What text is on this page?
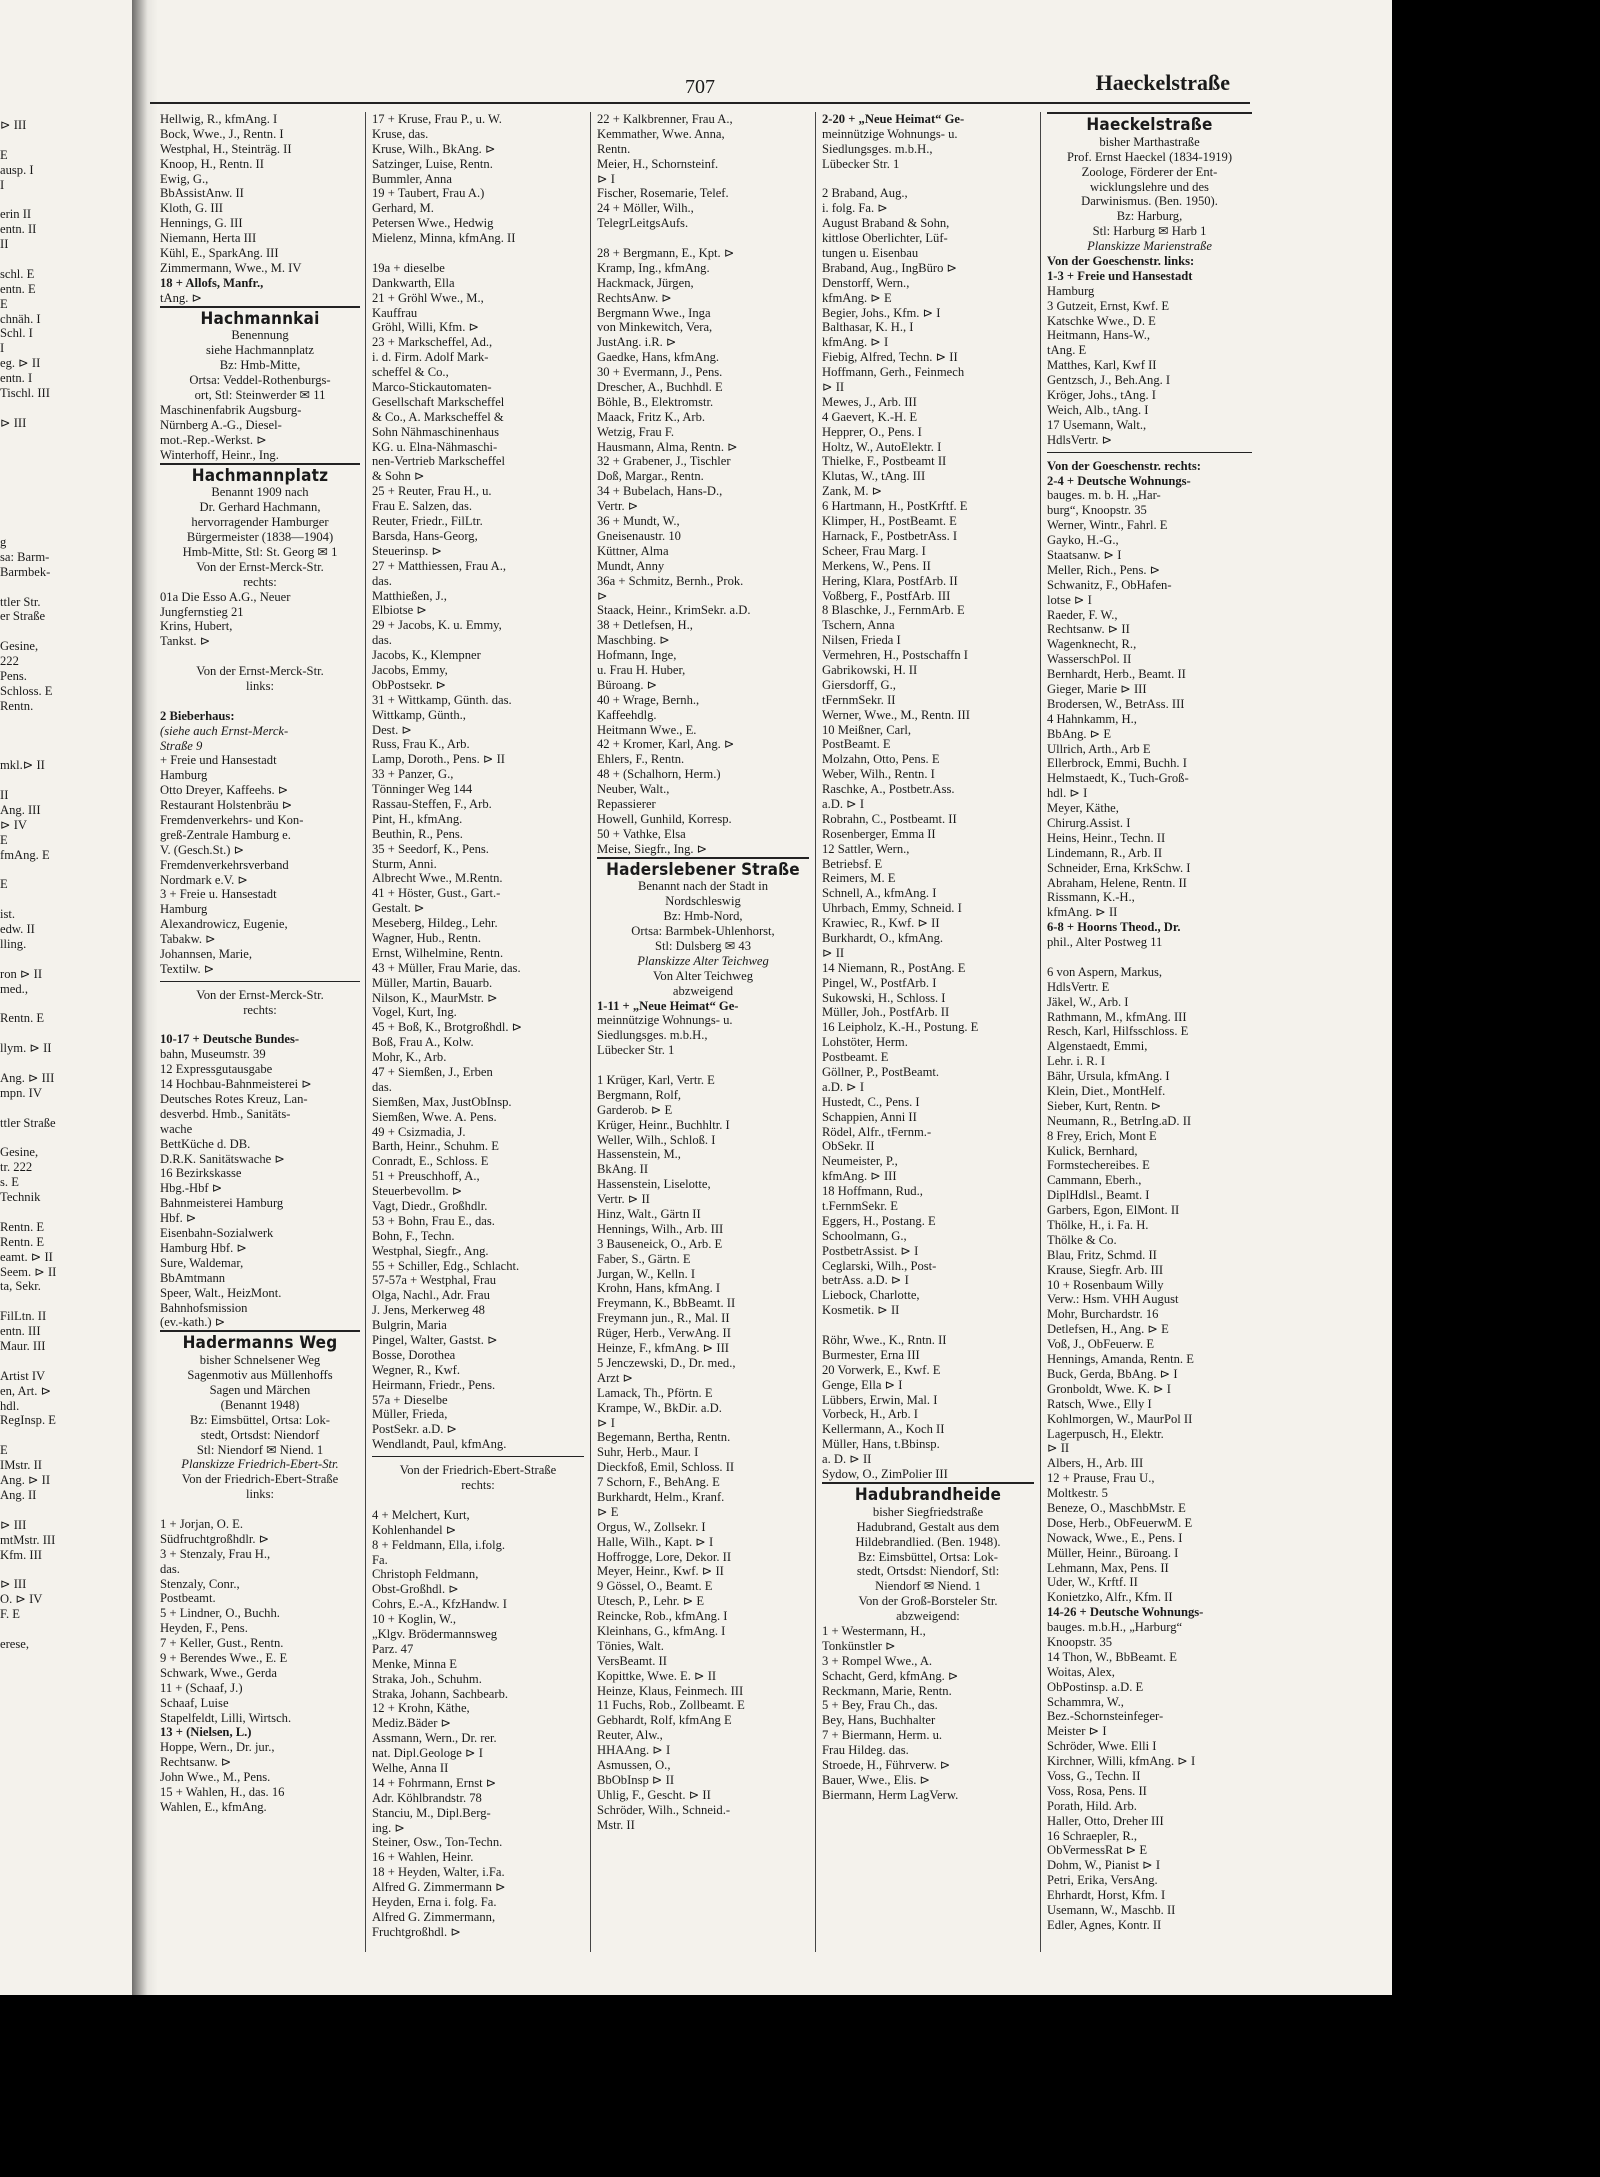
707	Haeckelstraße
⊳ III
E
ausp. I
I
erin II
entn. II
II
schl. E
entn. E
E
chnäh. I
Schl. I
I
eg. ⊳ II
entn. I
Tischl. III
⊳ III
g
sa: Barm-
Barmbek-
ttler Str.
er Straße
Gesine,
222
Pens.
Schloss. E
Rentn.
mkl.⊳ II
II
Ang. III
⊳ IV
E
fmAng. E
E
ist.
edw. II
lling.
ron ⊳ II
med.,
Rentn. E
llym. ⊳ II
Ang. ⊳ III
mpn. IV
ttler Straße
Gesine,
tr. 222
s. E
Technik
Rentn. E
Rentn. E
eamt. ⊳ II
Seem. ⊳ II
ta, Sekr.
FilLtn. II
entn. III
Maur. III
Artist IV
en, Art. ⊳
hdl.
RegInsp. E
E
IMstr. II
Ang. ⊳ II
Ang. II
⊳ III
mtMstr. III
Kfm. III
⊳ III
O. ⊳ IV
F. E
erese,
Hellwig, R., kfmAng. I
Bock, Wwe., J., Rentn. I
Westphal, H., Steinträg. II
Knoop, H., Rentn. II
Ewig, G.,
BbAssistAnw. II
Kloth, G. III
Hennings, G. III
Niemann, Herta III
Kühl, E., SparkAng. III
Zimmermann, Wwe., M. IV
18 + Allofs, Manfr.,
tAng. ⊳
Hachmannkai
Benennung
siehe Hachmannplatz
Bz: Hmb-Mitte,
Ortsa: Veddel-Rothenburgs-
ort, Stl: Steinwerder ✉ 11
Maschinenfabrik Augsburg-
Nürnberg A.-G., Diesel-
mot.-Rep.-Werkst. ⊳
Winterhoff, Heinr., Ing.
Hachmannplatz
Benannt 1909 nach
Dr. Gerhard Hachmann,
hervorragender Hamburger
Bürgermeister (1838—1904)
Hmb-Mitte, Stl: St. Georg ✉ 1
Von der Ernst-Merck-Str.
rechts:
01a Die Esso A.G., Neuer
Jungfernstieg 21
Krins, Hubert,
Tankst. ⊳
Von der Ernst-Merck-Str.
links:
2 Bieberhaus:
(siehe auch Ernst-Merck-
Straße 9
+ Freie und Hansestadt
Hamburg
Otto Dreyer, Kaffeehs. ⊳
Restaurant Holstenbräu ⊳
Fremdenverkehrs- und Kon-
greß-Zentrale Hamburg e.
V. (Gesch.St.) ⊳
Fremdenverkehrsverband
Nordmark e.V. ⊳
3 + Freie u. Hansestadt
Hamburg
Alexandrowicz, Eugenie,
Tabakw. ⊳
Johannsen, Marie,
Textilw. ⊳
Von der Ernst-Merck-Str.
rechts:
10-17 + Deutsche Bundes-
bahn, Museumstr. 39
12 Expressgutausgabe
14 Hochbau-Bahnmeisterei ⊳
Deutsches Rotes Kreuz, Lan-
desverbd. Hmb., Sanitäts-
wache
BettKüche d. DB.
D.R.K. Sanitätswache ⊳
16 Bezirkskasse
Hbg.-Hbf ⊳
Bahnmeisterei Hamburg
Hbf. ⊳
Eisenbahn-Sozialwerk
Hamburg Hbf. ⊳
Sure, Waldemar,
BbAmtmann
Speer, Walt., HeizMont.
Bahnhofsmission
(ev.-kath.) ⊳
Hadermanns Weg
bisher Schnelsener Weg
Sagenmotiv aus Müllenhoffs
Sagen und Märchen
(Benannt 1948)
Bz: Eimsbüttel, Ortsa: Lok-
stedt, Ortsdst: Niendorf
Stl: Niendorf ✉ Niend. 1
Planskizze Friedrich-Ebert-Str.
Von der Friedrich-Ebert-Straße
links:
1 + Jorjan, O. E.
Südfruchtgroßhdlr. ⊳
3 + Stenzaly, Frau H.,
das.
Stenzaly, Conr.,
Postbeamt.
5 + Lindner, O., Buchh.
Heyden, F., Pens.
7 + Keller, Gust., Rentn.
9 + Berendes Wwe., E. E
Schwark, Wwe., Gerda
11 + (Schaaf, J.)
Schaaf, Luise
Stapelfeldt, Lilli, Wirtsch.
13 + (Nielsen, L.)
Hoppe, Wern., Dr. jur.,
Rechtsanw. ⊳
John Wwe., M., Pens.
15 + Wahlen, H., das. 16
Wahlen, E., kfmAng.
17 + Kruse, Frau P., u. W.
Kruse, das.
Kruse, Wilh., BkAng. ⊳
Satzinger, Luise, Rentn.
Bummler, Anna
19 + Taubert, Frau A.)
Gerhard, M.
Petersen Wwe., Hedwig
Mielenz, Minna, kfmAng. II
19a + dieselbe
Dankwarth, Ella
21 + Gröhl Wwe., M.,
Kauffrau
Gröhl, Willi, Kfm. ⊳
23 + Markscheffel, Ad.,
i. d. Firm. Adolf Mark-
scheffel & Co.,
Marco-Stickautomaten-
Gesellschaft Markscheffel
& Co., A. Markscheffel &
Sohn Nähmaschinenhaus
KG. u. Elna-Nähmaschi-
nen-Vertrieb Markscheffel
& Sohn ⊳
25 + Reuter, Frau H., u.
Frau E. Salzen, das.
Reuter, Friedr., FilLtr.
Barsda, Hans-Georg,
Steuerinsp. ⊳
27 + Matthiessen, Frau A.,
das.
Matthießen, J.,
Elbiotse ⊳
29 + Jacobs, K. u. Emmy,
das.
Jacobs, K., Klempner
Jacobs, Emmy,
ObPostsekr. ⊳
31 + Wittkamp, Günth. das.
Wittkamp, Günth.,
Dest. ⊳
Russ, Frau K., Arb.
Lamp, Doroth., Pens. ⊳ II
33 + Panzer, G.,
Tönninger Weg 144
Rassau-Steffen, F., Arb.
Pint, H., kfmAng.
Beuthin, R., Pens.
35 + Seedorf, K., Pens.
Sturm, Anni.
Albrecht Wwe., M.Rentn.
41 + Höster, Gust., Gart.-
Gestalt. ⊳
Meseberg, Hildeg., Lehr.
Wagner, Hub., Rentn.
Ernst, Wilhelmine, Rentn.
43 + Müller, Frau Marie, das.
Müller, Martin, Bauarb.
Nilson, K., MaurMstr. ⊳
Vogel, Kurt, Ing.
45 + Boß, K., Brotgroßhdl. ⊳
Boß, Frau A., Kolw.
Mohr, K., Arb.
47 + Siemßen, J., Erben
das.
Siemßen, Max, JustObInsp.
Siemßen, Wwe. A. Pens.
49 + Csizmadia, J.
Barth, Heinr., Schuhm. E
Conradt, E., Schloss. E
51 + Preuschhoff, A.,
Steuerbevollm. ⊳
Vagt, Diedr., Großhdlr.
53 + Bohn, Frau E., das.
Bohn, F., Techn.
Westphal, Siegfr., Ang.
55 + Schiller, Edg., Schlacht.
57-57a + Westphal, Frau
Olga, Nachl., Adr. Frau
J. Jens, Merkerweg 48
Bulgrin, Maria
Pingel, Walter, Gastst. ⊳
Bosse, Dorothea
Wegner, R., Kwf.
Heirmann, Friedr., Pens.
57a + Dieselbe
Müller, Frieda,
PostSekr. a.D. ⊳
Wendlandt, Paul, kfmAng.
Von der Friedrich-Ebert-Straße
rechts:
4 + Melchert, Kurt,
Kohlenhandel ⊳
8 + Feldmann, Ella, i.folg.
Fa.
Christoph Feldmann,
Obst-Großhdl. ⊳
Cohrs, E.-A., KfzHandw. I
10 + Koglin, W.,
„Klgv. Brödermannsweg
Parz. 47
Menke, Minna E
Straka, Joh., Schuhm.
Straka, Johann, Sachbearb.
12 + Krohn, Käthe,
Mediz.Bäder ⊳
Assmann, Wern., Dr. rer.
nat. Dipl.Geologe ⊳ I
Welhe, Anna II
14 + Fohrmann, Ernst ⊳
Adr. Köhlbrandstr. 78
Stanciu, M., Dipl.Berg-
ing. ⊳
Steiner, Osw., Ton-Techn.
16 + Wahlen, Heinr.
18 + Heyden, Walter, i.Fa.
Alfred G. Zimmermann ⊳
Heyden, Erna i. folg. Fa.
Alfred G. Zimmermann,
Fruchtgroßhdl. ⊳
22 + Kalkbrenner, Frau A.,
Kemmather, Wwe. Anna,
Rentn.
Meier, H., Schornsteinf.
⊳ I
Fischer, Rosemarie, Telef.
24 + Möller, Wilh.,
TelegrLeitgsAufs.
28 + Bergmann, E., Kpt. ⊳
Kramp, Ing., kfmAng.
Hackmack, Jürgen,
RechtsAnw. ⊳
Bergmann Wwe., Inga
von Minkewitch, Vera,
JustAng. i.R. ⊳
Gaedke, Hans, kfmAng.
30 + Evermann, J., Pens.
Drescher, A., Buchhdl. E
Böhle, B., Elektromstr.
Maack, Fritz K., Arb.
Wetzig, Frau F.
Hausmann, Alma, Rentn. ⊳
32 + Grabener, J., Tischler
Doß, Margar., Rentn.
34 + Bubelach, Hans-D.,
Vertr. ⊳
36 + Mundt, W.,
Gneisenaustr. 10
Küttner, Alma
Mundt, Anny
36a + Schmitz, Bernh., Prok.
⊳
Staack, Heinr., KrimSekr. a.D.
38 + Detlefsen, H.,
Maschbing. ⊳
Hofmann, Inge,
u. Frau H. Huber,
Büroang. ⊳
40 + Wrage, Bernh.,
Kaffeehdlg.
Heitmann Wwe., E.
42 + Kromer, Karl, Ang. ⊳
Ehlers, F., Rentn.
48 + (Schalhorn, Herm.)
Neuber, Walt.,
Repassierer
Howell, Gunhild, Korresp.
50 + Vathke, Elsa
Meise, Siegfr., Ing. ⊳
Haderslebener Straße
Benannt nach der Stadt in
Nordschleswig
Bz: Hmb-Nord,
Ortsa: Barmbek-Uhlenhorst,
Stl: Dulsberg ✉ 43
Planskizze Alter Teichweg
Von Alter Teichweg
abzweigend
1-11 + „Neue Heimat“ Ge-
meinnützige Wohnungs- u.
Siedlungsges. m.b.H.,
Lübecker Str. 1
1 Krüger, Karl, Vertr. E
Bergmann, Rolf,
Garderob. ⊳ E
Krüger, Heinr., Buchhltr. I
Weller, Wilh., Schloß. I
Hassenstein, M.,
BkAng. II
Hassenstein, Liselotte,
Vertr. ⊳ II
Hinz, Walt., Gärtn II
Hennings, Wilh., Arb. III
3 Bauseneick, O., Arb. E
Faber, S., Gärtn. E
Jurgan, W., Kelln. I
Krohn, Hans, kfmAng. I
Freymann, K., BbBeamt. II
Freymann jun., R., Mal. II
Rüger, Herb., VerwAng. II
Heinze, F., kfmAng. ⊳ III
5 Jenczewski, D., Dr. med.,
Arzt ⊳
Lamack, Th., Pförtn. E
Krampe, W., BkDir. a.D.
⊳ I
Begemann, Bertha, Rentn.
Suhr, Herb., Maur. I
Dieckfoß, Emil, Schloss. II
7 Schorn, F., BehAng. E
Burkhardt, Helm., Kranf.
⊳ E
Orgus, W., Zollsekr. I
Halle, Wilh., Kapt. ⊳ I
Hoffrogge, Lore, Dekor. II
Meyer, Heinr., Kwf. ⊳ II
9 Gössel, O., Beamt. E
Utesch, P., Lehr. ⊳ E
Reincke, Rob., kfmAng. I
Kleinhans, G., kfmAng. I
Tönies, Walt.
VersBeamt. II
Kopittke, Wwe. E. ⊳ II
Heinze, Klaus, Feinmech. III
11 Fuchs, Rob., Zollbeamt. E
Gebhardt, Rolf, kfmAng E
Reuter, Alw.,
HHAAng. ⊳ I
Asmussen, O.,
BbObInsp ⊳ II
Uhlig, F., Gescht. ⊳ II
Schröder, Wilh., Schneid.-
Mstr. II
2-20 + „Neue Heimat“ Ge-
meinnützige Wohnungs- u.
Siedlungsges. m.b.H.,
Lübecker Str. 1
2 Braband, Aug.,
i. folg. Fa. ⊳
August Braband & Sohn,
kittlose Oberlichter, Lüf-
tungen u. Eisenbau
Braband, Aug., IngBüro ⊳
Denstorff, Wern.,
kfmAng. ⊳ E
Begier, Johs., Kfm. ⊳ I
Balthasar, K. H., I
kfmAng. ⊳ I
Fiebig, Alfred, Techn. ⊳ II
Hoffmann, Gerh., Feinmech
⊳ II
Mewes, J., Arb. III
4 Gaevert, K.-H. E
Hepprer, O., Pens. I
Holtz, W., AutoElektr. I
Thielke, F., Postbeamt II
Klutas, W., tAng. III
Zank, M. ⊳
6 Hartmann, H., PostKrftf. E
Klimper, H., PostBeamt. E
Harnack, F., PostbetrAss. I
Scheer, Frau Marg. I
Merkens, W., Pens. II
Hering, Klara, PostfArb. II
Voßberg, F., PostfArb. III
8 Blaschke, J., FernmArb. E
Tschern, Anna
Nilsen, Frieda I
Vermehren, H., Postschaffn I
Gabrikowski, H. II
Giersdorff, G.,
tFernmSekr. II
Werner, Wwe., M., Rentn. III
10 Meißner, Carl,
PostBeamt. E
Molzahn, Otto, Pens. E
Weber, Wilh., Rentn. I
Raschke, A., Postbetr.Ass.
a.D. ⊳ I
Robrahn, C., Postbeamt. II
Rosenberger, Emma II
12 Sattler, Wern.,
Betriebsf. E
Reimers, M. E
Schnell, A., kfmAng. I
Uhrbach, Emmy, Schneid. I
Krawiec, R., Kwf. ⊳ II
Burkhardt, O., kfmAng.
⊳ II
14 Niemann, R., PostAng. E
Pingel, W., PostfArb. I
Sukowski, H., Schloss. I
Müller, Joh., PostfArb. II
16 Leipholz, K.-H., Postung. E
Lohstöter, Herm.
Postbeamt. E
Göllner, P., PostBeamt.
a.D. ⊳ I
Hustedt, C., Pens. I
Schappien, Anni II
Rödel, Alfr., tFernm.-
ObSekr. II
Neumeister, P.,
kfmAng. ⊳ III
18 Hoffmann, Rud.,
t.FernmSekr. E
Eggers, H., Postang. E
Schoolmann, G.,
PostbetrAssist. ⊳ I
Ceglarski, Wilh., Post-
betrAss. a.D. ⊳ I
Liebock, Charlotte,
Kosmetik. ⊳ II
Röhr, Wwe., K., Rntn. II
Burmester, Erna III
20 Vorwerk, E., Kwf. E
Genge, Ella ⊳ I
Lübbers, Erwin, Mal. I
Vorbeck, H., Arb. I
Kellermann, A., Koch II
Müller, Hans, t.Bbinsp.
a. D. ⊳ II
Sydow, O., ZimPolier III
Hadubrandheide
bisher Siegfriedstraße
Hadubrand, Gestalt aus dem
Hildebrandlied. (Ben. 1948).
Bz: Eimsbüttel, Ortsa: Lok-
stedt, Ortsdst: Niendorf, Stl:
Niendorf ✉ Niend. 1
Von der Groß-Borsteler Str.
abzweigend:
1 + Westermann, H.,
Tonkünstler ⊳
3 + Rompel Wwe., A.
Schacht, Gerd, kfmAng. ⊳
Reckmann, Marie, Rentn.
5 + Bey, Frau Ch., das.
Bey, Hans, Buchhalter
7 + Biermann, Herm. u.
Frau Hildeg. das.
Stroede, H., Führverw. ⊳
Bauer, Wwe., Elis. ⊳
Biermann, Herm LagVerw.
Haeckelstraße
bisher Marthastraße
Prof. Ernst Haeckel (1834-1919)
Zoologe, Förderer der Ent-
wicklungslehre und des
Darwinismus. (Ben. 1950).
Bz: Harburg,
Stl: Harburg ✉ Harb 1
Planskizze Marienstraße
Von der Goeschenstr. links:
1-3 + Freie und Hansestadt
Hamburg
3 Gutzeit, Ernst, Kwf. E
Katschke Wwe., D. E
Heitmann, Hans-W.,
tAng. E
Matthes, Karl, Kwf II
Gentzsch, J., Beh.Ang. I
Kröger, Johs., tAng. I
Weich, Alb., tAng. I
17 Usemann, Walt.,
HdlsVertr. ⊳
Von der Goeschenstr. rechts:
2-4 + Deutsche Wohnungs-
bauges. m. b. H. „Har-
burg“, Knoopstr. 35
Werner, Wintr., Fahrl. E
Gayko, H.-G.,
Staatsanw. ⊳ I
Meller, Rich., Pens. ⊳
Schwanitz, F., ObHafen-
lotse ⊳ I
Raeder, F. W.,
Rechtsanw. ⊳ II
Wagenknecht, R.,
WasserschPol. II
Bernhardt, Herb., Beamt. II
Gieger, Marie ⊳ III
Brodersen, W., BetrAss. III
4 Hahnkamm, H.,
BbAng. ⊳ E
Ullrich, Arth., Arb E
Ellerbrock, Emmi, Buchh. I
Helmstaedt, K., Tuch-Groß-
hdl. ⊳ I
Meyer, Käthe,
Chirurg.Assist. I
Heins, Heinr., Techn. II
Lindemann, R., Arb. II
Schneider, Erna, KrkSchw. I
Abraham, Helene, Rentn. II
Rissmann, K.-H.,
kfmAng. ⊳ II
6-8 + Hoorns Theod., Dr.
phil., Alter Postweg 11
6 von Aspern, Markus,
HdlsVertr. E
Jäkel, W., Arb. I
Rathmann, M., kfmAng. III
Resch, Karl, Hilfsschloss. E
Algenstaedt, Emmi,
Lehr. i. R. I
Bähr, Ursula, kfmAng. I
Klein, Diet., MontHelf.
Sieber, Kurt, Rentn. ⊳
Neumann, R., BetrIng.aD. II
8 Frey, Erich, Mont E
Kulick, Bernhard,
Formstechereibes. E
Cammann, Eberh.,
DiplHdlsl., Beamt. I
Garbers, Egon, ElMont. II
Thölke, H., i. Fa. H.
Thölke & Co.
Blau, Fritz, Schmd. II
Krause, Siegfr. Arb. III
10 + Rosenbaum Willy
Verw.: Hsm. VHH August
Mohr, Burchardstr. 16
Detlefsen, H., Ang. ⊳ E
Voß, J., ObFeuerw. E
Hennings, Amanda, Rentn. E
Buck, Gerda, BbAng. ⊳ I
Gronboldt, Wwe. K. ⊳ I
Ratsch, Wwe., Elly I
Kohlmorgen, W., MaurPol II
Lagerpusch, H., Elektr.
⊳ II
Albers, H., Arb. III
12 + Prause, Frau U.,
Moltkestr. 5
Beneze, O., MaschbMstr. E
Dose, Herb., ObFeuerwM. E
Nowack, Wwe., E., Pens. I
Müller, Heinr., Büroang. I
Lehmann, Max, Pens. II
Uder, W., Krftf. II
Konietzko, Alfr., Kfm. II
14-26 + Deutsche Wohnungs-
bauges. m.b.H., „Harburg“
Knoopstr. 35
14 Thon, W., BbBeamt. E
Woitas, Alex,
ObPostinsp. a.D. E
Schammra, W.,
Bez.-Schornsteinfeger-
Meister ⊳ I
Schröder, Wwe. Elli I
Kirchner, Willi, kfmAng. ⊳ I
Voss, G., Techn. II
Voss, Rosa, Pens. II
Porath, Hild. Arb.
Haller, Otto, Dreher III
16 Schraepler, R.,
ObVermessRat ⊳ E
Dohm, W., Pianist ⊳ I
Petri, Erika, VersAng.
Ehrhardt, Horst, Kfm. I
Usemann, W., Maschb. II
Edler, Agnes, Kontr. II
